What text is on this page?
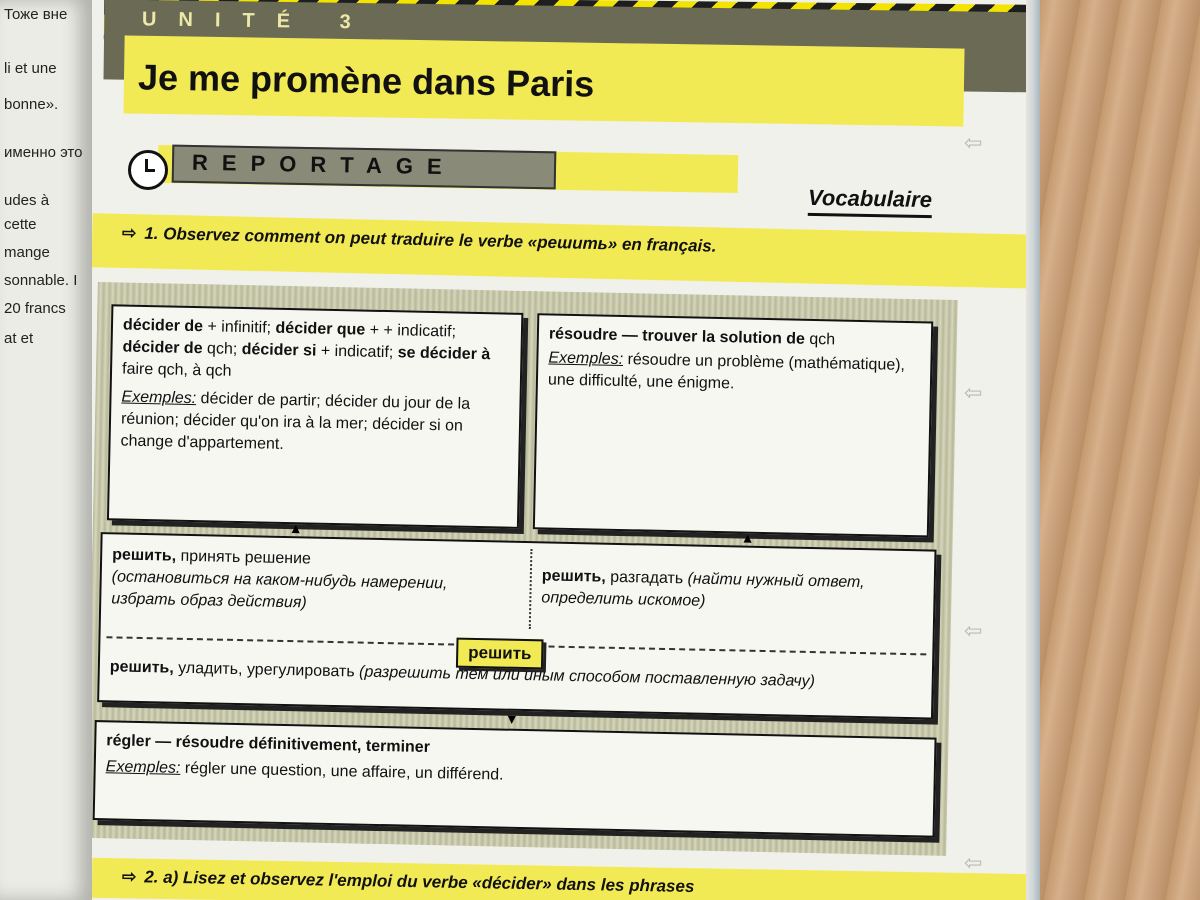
Тоже вне
li et une
bonne».
именно это
udes à
cette
mange
sonnable. I
20 francs
at et
UNITÉ 3
Je me promène dans Paris
REPORTAGE
Vocabulaire
⇨ 1. Observez comment on peut traduire le verbe «решить» en français.
décider de + infinitif; décider que + + indicatif; décider de qch; décider si + indicatif; se décider à faire qch, à qch
Exemples: décider de partir; décider du jour de la réunion; décider qu'on ira à la mer; décider si on change d'appartement.
résoudre — trouver la solution de qch
Exemples: résoudre un problème (mathématique), une difficulté, une énigme.
▲
▲
решить, принять решение
(остановиться на каком-нибудь намерении, избрать образ действия)
решить, разгадать (найти нужный ответ, определить искомое)
решить
решить, уладить, урегулировать (разрешить тем или иным способом поставленную задачу)
▼
régler — résoudre définitivement, terminer
Exemples: régler une question, une affaire, un différend.
⇦
⇦
⇦
⇦
⇨ 2. a) Lisez et observez l'emploi du verbe «décider» dans les phrases
